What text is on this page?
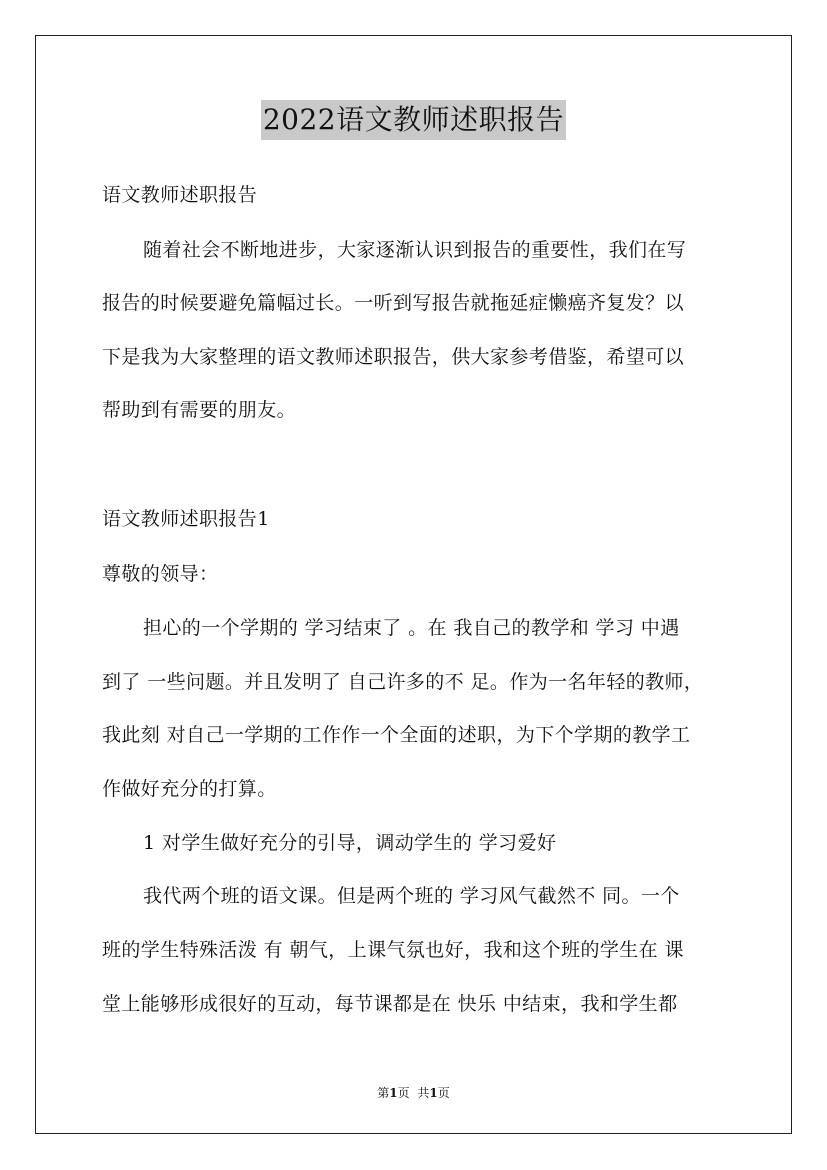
2022语文教师述职报告
语文教师述职报告
随着社会不断地进步，大家逐渐认识到报告的重要性，我们在写
报告的时候要避免篇幅过长。一听到写报告就拖延症懒癌齐复发？以
下是我为大家整理的语文教师述职报告，供大家参考借鉴，希望可以
帮助到有需要的朋友。
语文教师述职报告1
尊敬的领导：
担心的一个学期的 学习结束了 。在 我自己的教学和 学习 中遇
到了 一些问题。并且发明了 自己许多的不 足。作为一名年轻的教师，
我此刻 对自己一学期的工作作一个全面的述职，为下个学期的教学工
作做好充分的打算。
1 对学生做好充分的引导，调动学生的 学习爱好
我代两个班的语文课。但是两个班的 学习风气截然不 同。一个
班的学生特殊活泼 有 朝气，上课气氛也好，我和这个班的学生在 课
堂上能够形成很好的互动，每节课都是在 快乐 中结束，我和学生都
第1页 共1页
